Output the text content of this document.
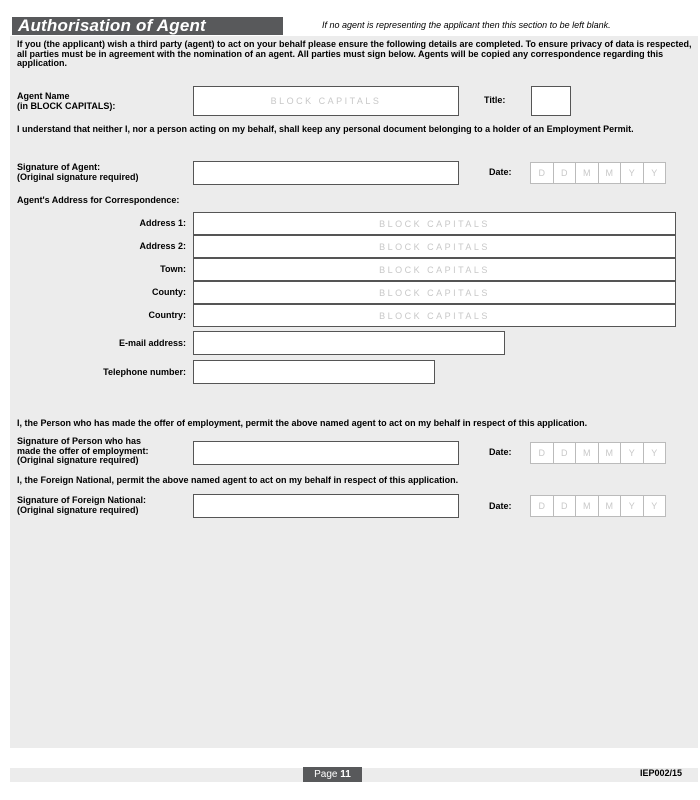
Authorisation of Agent	If no agent is representing the applicant then this section to be left blank.
If you (the applicant) wish a third party (agent) to act on your behalf please ensure the following details are completed. To ensure privacy of data is respected, all parties must be in agreement with the nomination of an agent. All parties must sign below. Agents will be copied any correspondence regarding this application.
Agent Name
(in BLOCK CAPITALS):	BLOCK CAPITALS	Title:
I understand that neither I, nor a person acting on my behalf, shall keep any personal document belonging to a holder of an Employment Permit.
Signature of Agent:
(Original signature required)	Date:	D	D	M	M	Y	Y
Agent's Address for Correspondence:
Address 1:	BLOCK CAPITALS
Address 2:	BLOCK CAPITALS
Town:	BLOCK CAPITALS
County:	BLOCK CAPITALS
Country:	BLOCK CAPITALS
E-mail address:
Telephone number:
I, the Person who has made the offer of employment, permit the above named agent to act on my behalf in respect of this application.
Signature of Person who has
made the offer of employment:
(Original signature required)
Date:	D	D	M	M	Y	Y
I, the Foreign National, permit the above named agent to act on my behalf in respect of this application.
Signature of Foreign National:
(Original signature required)	Date:	D	D	M	M	Y	Y
Page 11	IEP002/15
